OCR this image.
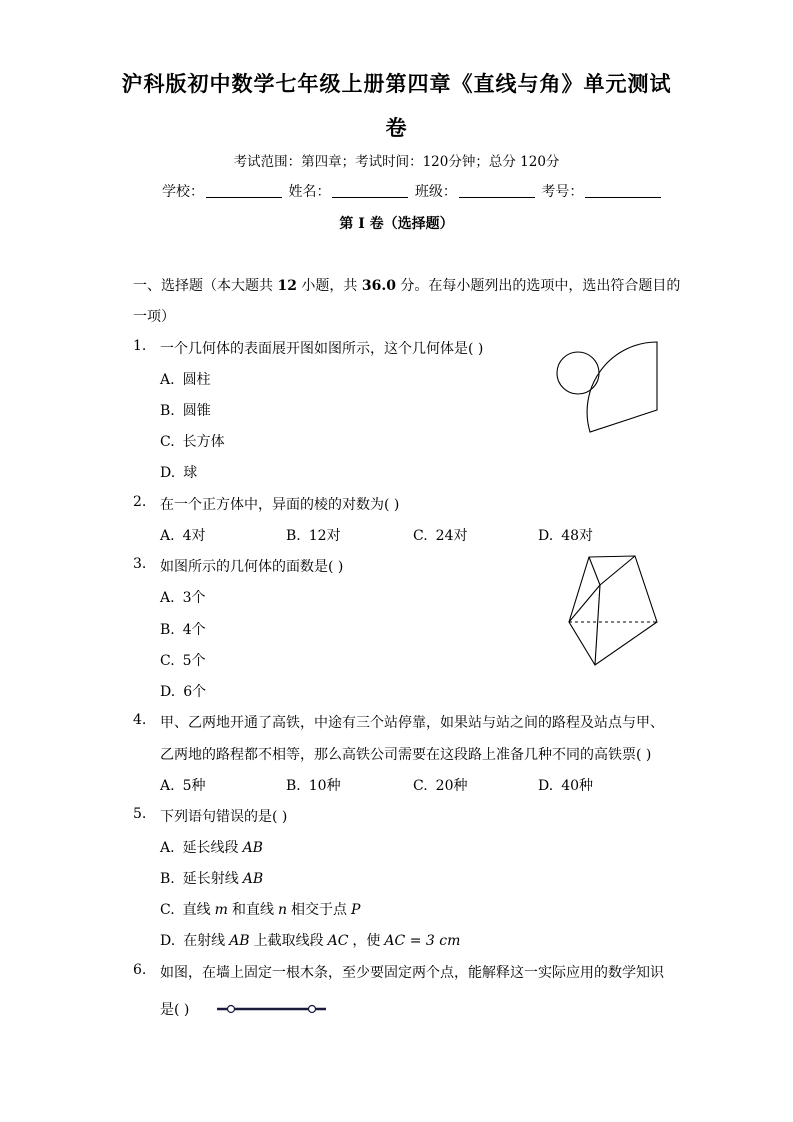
沪科版初中数学七年级上册第四章《直线与角》单元测试
卷
考试范围：第四章；考试时间：120分钟；总分 120分
学校：	姓名：	班级：	考号：
第 I 卷（选择题）
一、选择题（本大题共 12 小题，共 36.0 分。在每小题列出的选项中，选出符合题目的
一项）
1. 一个几何体的表面展开图如图所示，这个几何体是( )
A. 圆柱
B. 圆锥
C. 长方体
D. 球
2. 在一个正方体中，异面的棱的对数为( )
A. 4对	B. 12对	C. 24对	D. 48对
3. 如图所示的几何体的面数是( )
A. 3个
B. 4个
C. 5个
D. 6个
4. 甲、乙两地开通了高铁，中途有三个站停靠，如果站与站之间的路程及站点与甲、
乙两地的路程都不相等，那么高铁公司需要在这段路上准备几种不同的高铁票( )
A. 5种	B. 10种	C. 20种	D. 40种
5. 下列语句错误的是( )
A. 延长线段 AB
B. 延长射线 AB
C. 直线 m 和直线 n 相交于点 P
D. 在射线 AB 上截取线段 AC ，使 AC = 3 cm
6. 如图，在墙上固定一根木条，至少要固定两个点，能解释这一实际应用的数学知识
是( )
